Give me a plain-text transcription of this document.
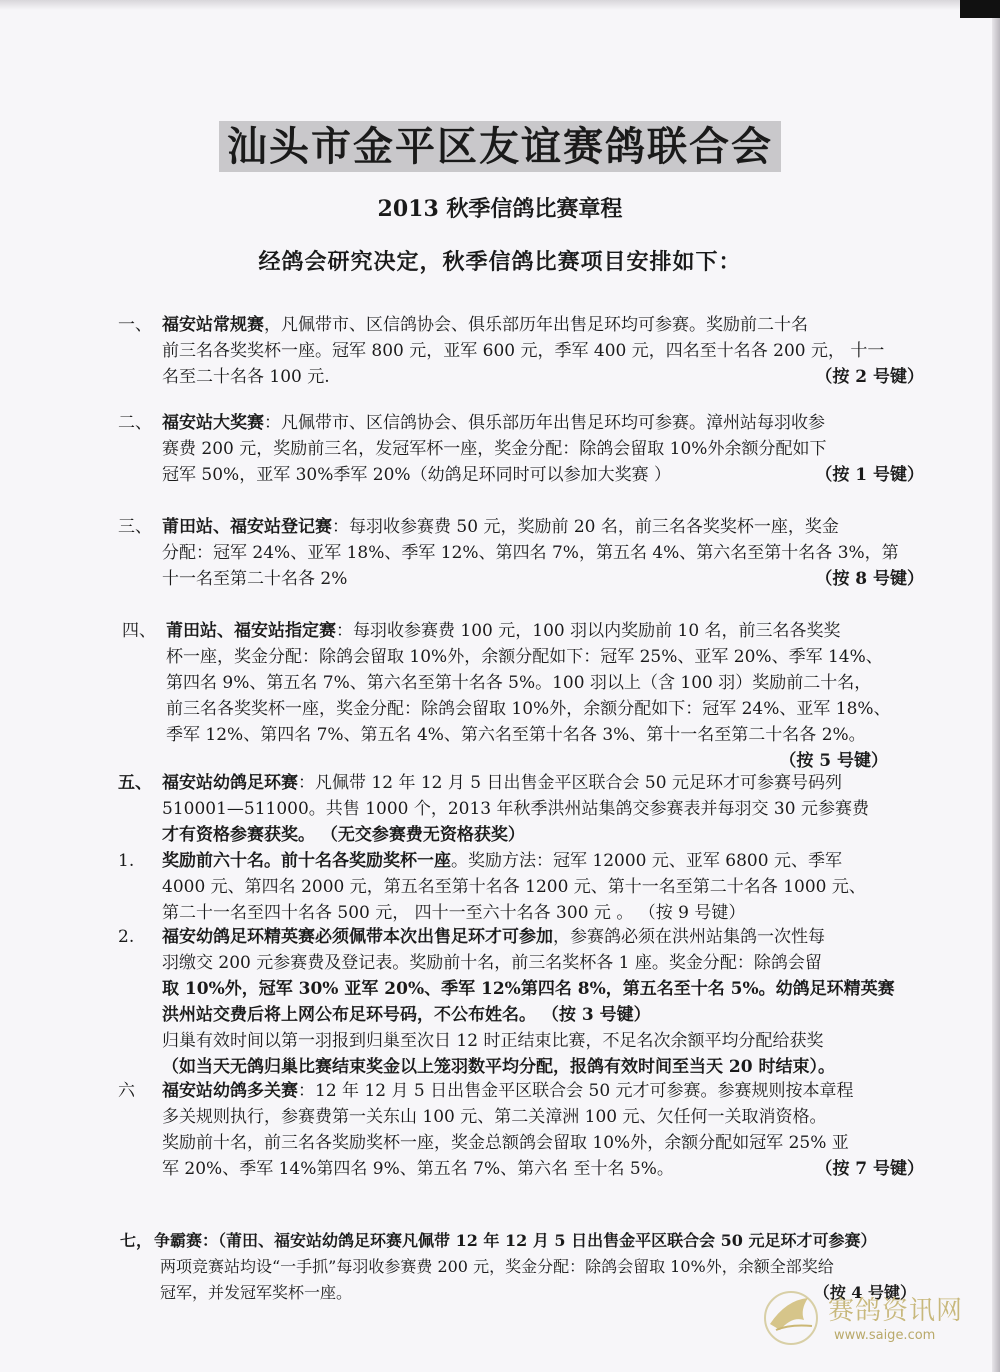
汕头市金平区友谊赛鸽联合会
2013 秋季信鸽比赛章程
经鸽会研究决定，秋季信鸽比赛项目安排如下：
一、 福安站常规赛，凡佩带市、区信鸽协会、俱乐部历年出售足环均可参赛。奖励前二十名
前三名各奖奖杯一座。冠军 800 元，亚军 600 元，季军 400 元，四名至十名各 200 元， 十一
名至二十名各 100 元.	（按 2 号键）
二、 福安站大奖赛：凡佩带市、区信鸽协会、俱乐部历年出售足环均可参赛。漳州站每羽收参
赛费 200 元，奖励前三名，发冠军杯一座，奖金分配：除鸽会留取 10%外余额分配如下
冠军 50%，亚军 30%季军 20%（幼鸽足环同时可以参加大奖赛 ）	（按 1 号键）
三、 莆田站、福安站登记赛：每羽收参赛费 50 元，奖励前 20 名，前三名各奖奖杯一座，奖金
分配：冠军 24%、亚军 18%、季军 12%、第四名 7%，第五名 4%、第六名至第十名各 3%，第
十一名至第二十名各 2%	（按 8 号键）
四、 莆田站、福安站指定赛：每羽收参赛费 100 元，100 羽以内奖励前 10 名，前三名各奖奖
杯一座，奖金分配：除鸽会留取 10%外，余额分配如下：冠军 25%、亚军 20%、季军 14%、
第四名 9%、第五名 7%、第六名至第十名各 5%。100 羽以上（含 100 羽）奖励前二十名，
前三名各奖奖杯一座，奖金分配：除鸽会留取 10%外，余额分配如下：冠军 24%、亚军 18%、
季军 12%、第四名 7%、第五名 4%、第六名至第十名各 3%、第十一名至第二十名各 2%。
（按 5 号键）
五、 福安站幼鸽足环赛：凡佩带 12 年 12 月 5 日出售金平区联合会 50 元足环才可参赛号码列
510001—511000。共售 1000 个，2013 年秋季洪州站集鸽交参赛表并每羽交 30 元参赛费
才有资格参赛获奖。 （无交参赛费无资格获奖）
1. 奖励前六十名。前十名各奖励奖杯一座。奖励方法：冠军 12000 元、亚军 6800 元、季军
4000 元、第四名 2000 元，第五名至第十名各 1200 元、第十一名至第二十名各 1000 元、
第二十一名至四十名各 500 元， 四十一至六十名各 300 元 。 （按 9 号键）
2. 福安幼鸽足环精英赛必须佩带本次出售足环才可参加，参赛鸽必须在洪州站集鸽一次性每
羽缴交 200 元参赛费及登记表。奖励前十名，前三名奖杯各 1 座。奖金分配：除鸽会留
取 10%外，冠军 30% 亚军 20%、季军 12%第四名 8%，第五名至十名 5%。幼鸽足环精英赛
洪州站交费后将上网公布足环号码，不公布姓名。 （按 3 号键）
归巢有效时间以第一羽报到归巢至次日 12 时正结束比赛，不足名次余额平均分配给获奖
（如当天无鸽归巢比赛结束奖金以上笼羽数平均分配，报鸽有效时间至当天 20 时结束）。
六 福安站幼鸽多关赛：12 年 12 月 5 日出售金平区联合会 50 元才可参赛。参赛规则按本章程
多关规则执行，参赛费第一关东山 100 元、第二关漳洲 100 元、欠任何一关取消资格。
奖励前十名，前三名各奖励奖杯一座，奖金总额鸽会留取 10%外，余额分配如冠军 25% 亚
军 20%、季军 14%第四名 9%、第五名 7%、第六名 至十名 5%。	（按 7 号键）
七， 争霸赛：（莆田、福安站幼鸽足环赛凡佩带 12 年 12 月 5 日出售金平区联合会 50 元足环才可参赛）
两项竞赛站均设“一手抓”每羽收参赛费 200 元，奖金分配：除鸽会留取 10%外，余额全部奖给
冠军，并发冠军奖杯一座。	（按 4 号键）
赛鸽资讯网
www.saige.com
